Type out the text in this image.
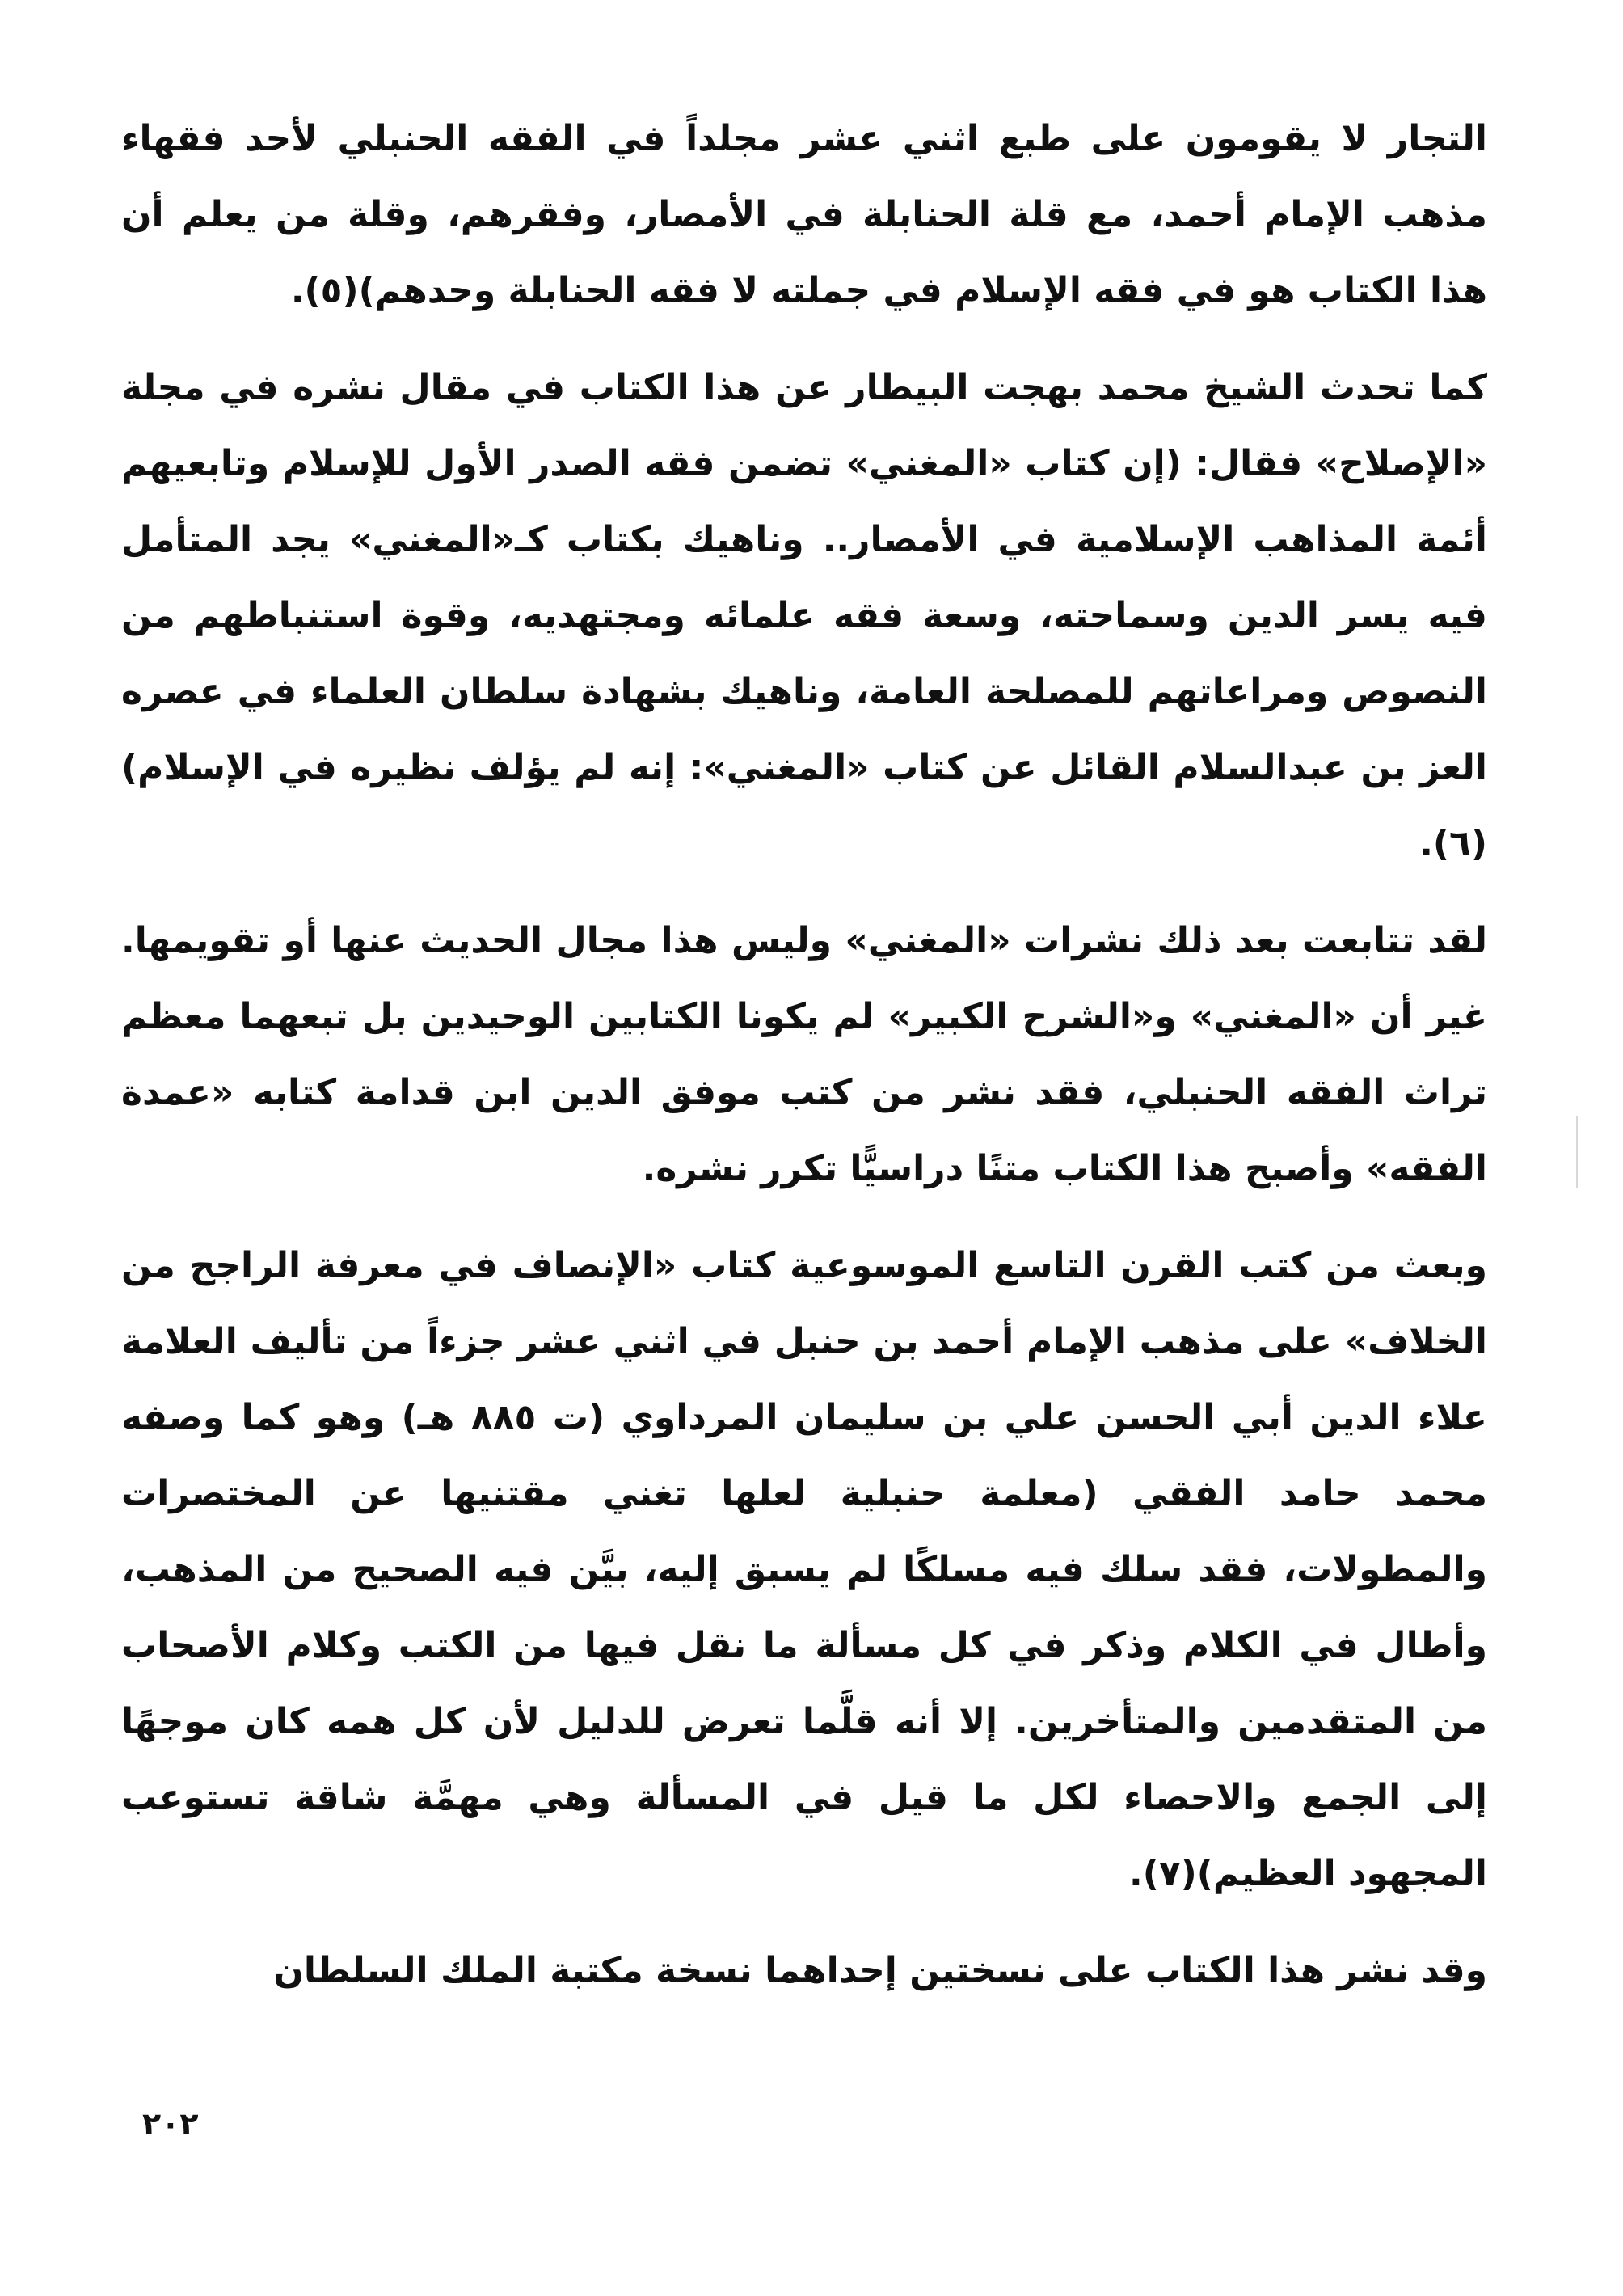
التجار لا يقومون على طبع اثني عشر مجلداً في الفقه الحنبلي لأحد فقهاء مذهب الإمام أحمد، مع قلة الحنابلة في الأمصار، وفقرهم، وقلة من يعلم أن هذا الكتاب هو في فقه الإسلام في جملته لا فقه الحنابلة وحدهم)(٥).

كما تحدث الشيخ محمد بهجت البيطار عن هذا الكتاب في مقال نشره في مجلة «الإصلاح» فقال: (إن كتاب «المغني» تضمن فقه الصدر الأول للإسلام وتابعيهم أئمة المذاهب الإسلامية في الأمصار.. وناهيك بكتاب كـ«المغني» يجد المتأمل فيه يسر الدين وسماحته، وسعة فقه علمائه ومجتهديه، وقوة استنباطهم من النصوص ومراعاتهم للمصلحة العامة، وناهيك بشهادة سلطان العلماء في عصره العز بن عبدالسلام القائل عن كتاب «المغني»: إنه لم يؤلف نظيره في الإسلام)(٦).

لقد تتابعت بعد ذلك نشرات «المغني» وليس هذا مجال الحديث عنها أو تقويمها. غير أن «المغني» و«الشرح الكبير» لم يكونا الكتابين الوحيدين بل تبعهما معظم تراث الفقه الحنبلي، فقد نشر من كتب موفق الدين ابن قدامة كتابه «عمدة الفقه» وأصبح هذا الكتاب متنًا دراسيًّا تكرر نشره.

وبعث من كتب القرن التاسع الموسوعية كتاب «الإنصاف في معرفة الراجح من الخلاف» على مذهب الإمام أحمد بن حنبل في اثني عشر جزءاً من تأليف العلامة علاء الدين أبي الحسن علي بن سليمان المرداوي (ت ٨٨٥ هـ) وهو كما وصفه محمد حامد الفقي (معلمة حنبلية لعلها تغني مقتنيها عن المختصرات والمطولات، فقد سلك فيه مسلكًا لم يسبق إليه، بيَّن فيه الصحيح من المذهب، وأطال في الكلام وذكر في كل مسألة ما نقل فيها من الكتب وكلام الأصحاب من المتقدمين والمتأخرين. إلا أنه قلَّما تعرض للدليل لأن كل همه كان موجهًا إلى الجمع والاحصاء لكل ما قيل في المسألة وهي مهمَّة شاقة تستوعب المجهود العظيم)(٧).

وقد نشر هذا الكتاب على نسختين إحداهما نسخة مكتبة الملك السلطان

٢٠٢
